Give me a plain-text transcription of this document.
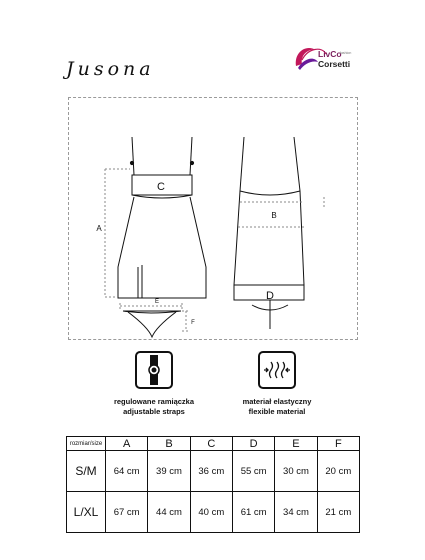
Jusona
LivCo
Corsetti
fashion
A
B
C
D
E
F
regulowane ramiączka
adjustable straps
materiał elastyczny
flexible material
rozmiar/size	A	B	C	D	E	F
S/M	64 cm	39 cm	36 cm	55 cm	30 cm	20 cm
L/XL	67 cm	44 cm	40 cm	61 cm	34 cm	21 cm
